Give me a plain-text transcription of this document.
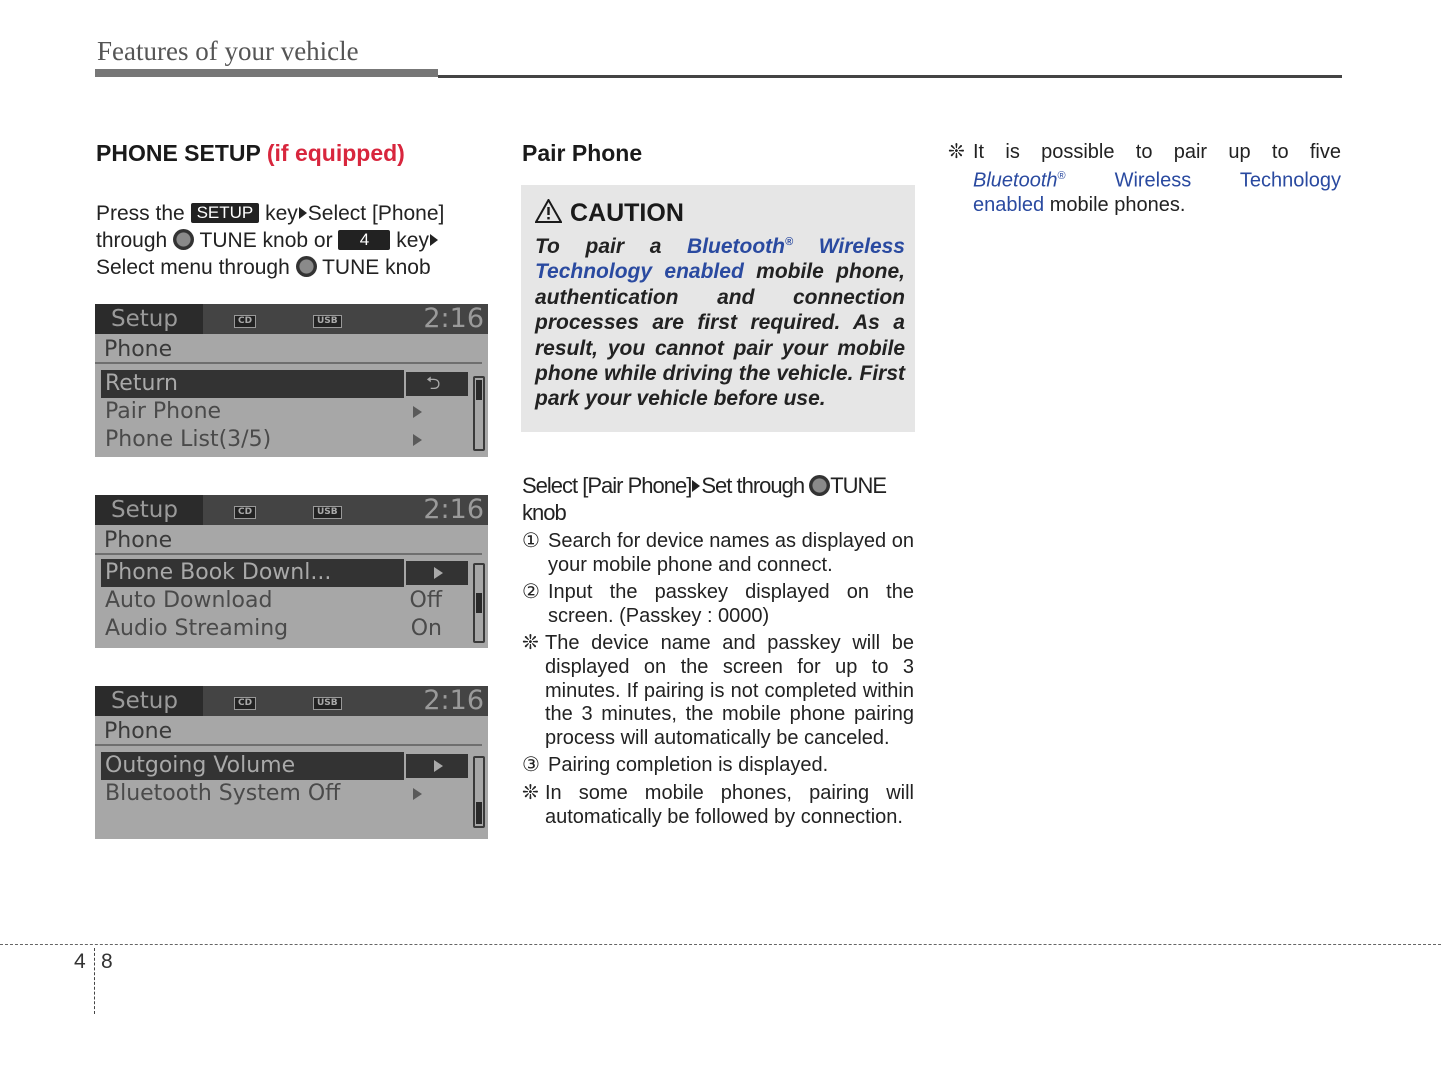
Features of your vehicle
PHONE SETUP (if equipped)
Press the SETUP key Select [Phone]
through TUNE knob or 4 key
Select menu through TUNE knob
Setup	CD	USB	2:16
Phone
Return	⮌
Pair Phone
Phone List(3/5)
Setup	CD	USB	2:16
Phone
Phone Book Downl...
Auto Download	Off
Audio Streaming	On
Setup	CD	USB	2:16
Phone
Outgoing Volume
Bluetooth System Off
Pair Phone
CAUTION
To pair a Bluetooth® Wireless Technology enabled mobile phone, authentication and connection processes are first required. As a result, you cannot pair your mobile phone while driving the vehicle. First park your vehicle before use.
Select [Pair Phone] Set through TUNE knob
① Search for device names as displayed on your mobile phone and connect.
② Input the passkey displayed on the screen. (Passkey : 0000)
❊ The device name and passkey will be displayed on the screen for up to 3 minutes. If pairing is not completed within the 3 minutes, the mobile phone pairing process will automatically be canceled.
③ Pairing completion is displayed.
❊ In some mobile phones, pairing will automatically be followed by connection.
❊ It is possible to pair up to five
Bluetooth® Wireless Technology
enabled mobile phones.
4 8
